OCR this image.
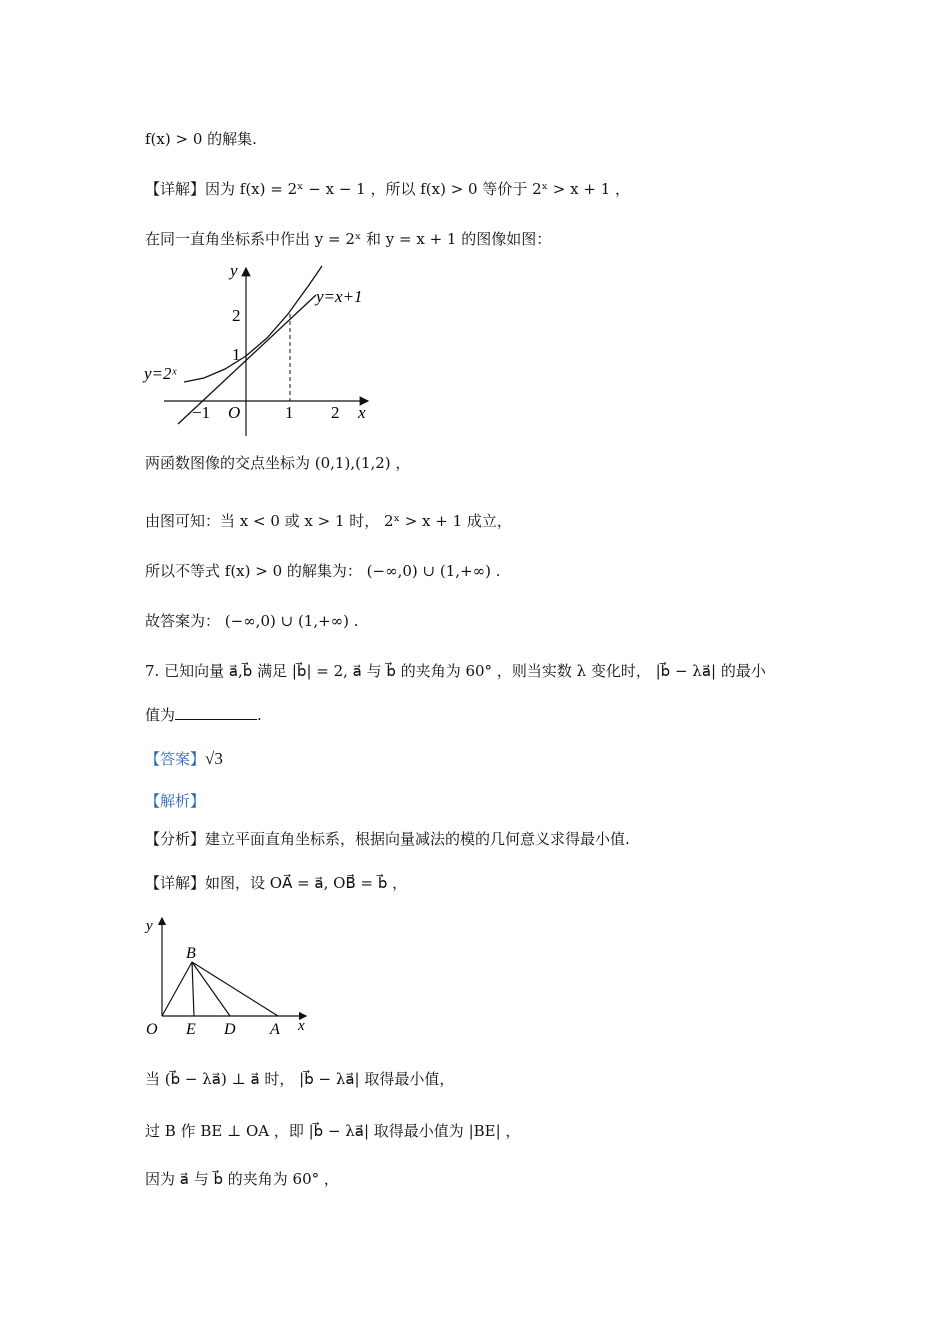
f(x) > 0 的解集.
【详解】因为 f(x) = 2ˣ − x − 1 ，所以 f(x) > 0 等价于 2ˣ > x + 1 ，
在同一直角坐标系中作出 y = 2ˣ 和 y = x + 1 的图像如图：
y
x
O
1
2
−1	1 2
y=2ˣ
y=x+1
两函数图像的交点坐标为 (0,1),(1,2) ，
由图可知：当 x < 0 或 x > 1 时， 2ˣ > x + 1 成立，
所以不等式 f(x) > 0 的解集为： (−∞,0) ∪ (1,+∞) .
故答案为： (−∞,0) ∪ (1,+∞) .
7. 已知向量 a⃗,b⃗ 满足 |b⃗| = 2, a⃗ 与 b⃗ 的夹角为 60° ，则当实数 λ 变化时， |b⃗ − λa⃗| 的最小
值为	.
【答案】√3
【解析】
【分析】建立平面直角坐标系，根据向量减法的模的几何意义求得最小值.
【详解】如图，设 OA⃗ = a⃗, OB⃗ = b⃗ ，
y
x
O
B
E D A
当 (b⃗ − λa⃗) ⊥ a⃗ 时， |b⃗ − λa⃗| 取得最小值，
过 B 作 BE ⊥ OA ，即 |b⃗ − λa⃗| 取得最小值为 |BE| ，
因为 a⃗ 与 b⃗ 的夹角为 60° ，
